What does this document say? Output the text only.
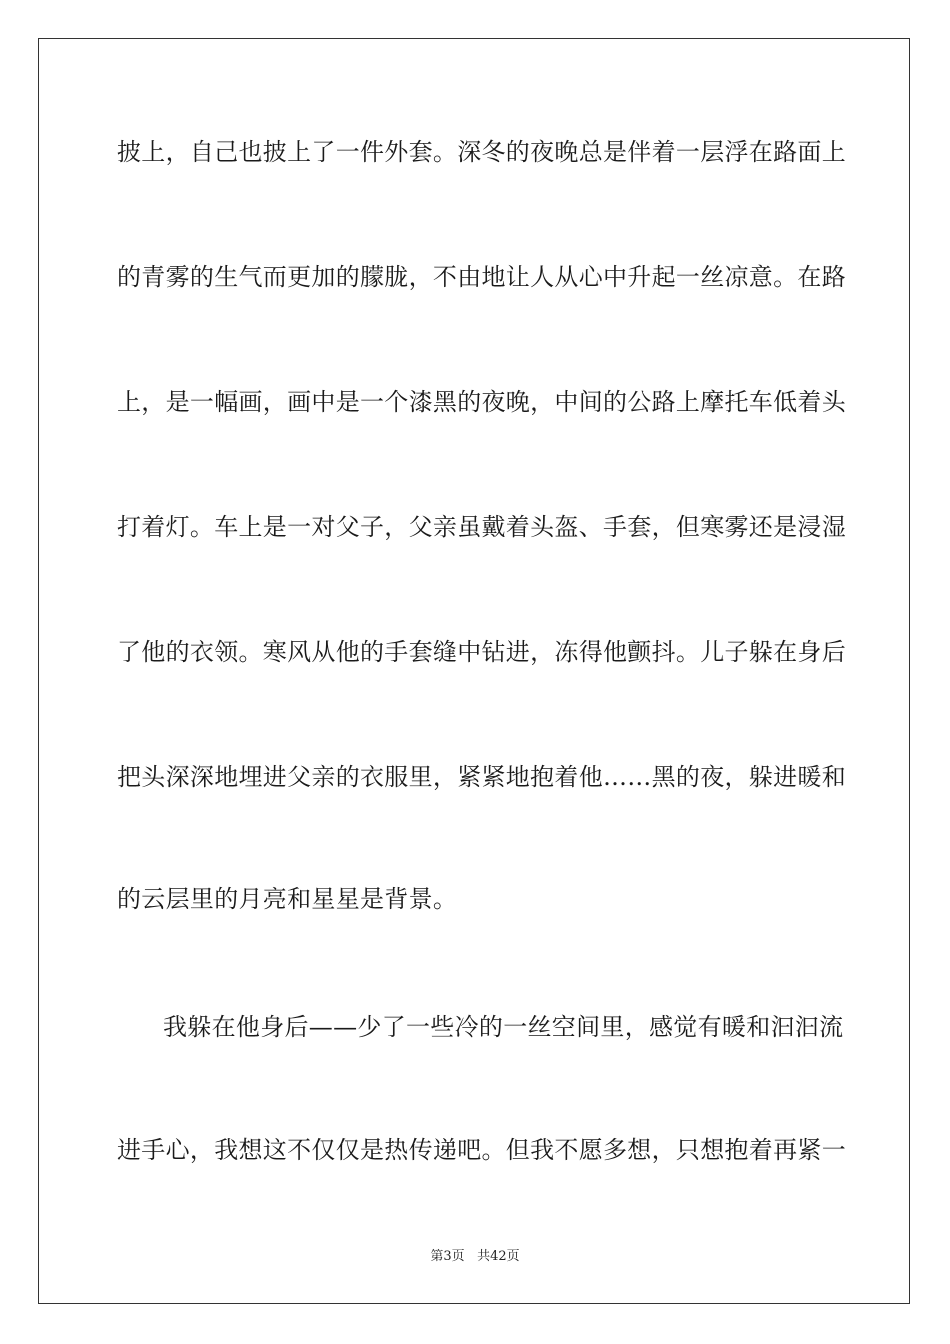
披上，自己也披上了一件外套。深冬的夜晚总是伴着一层浮在路面上
的青雾的生气而更加的朦胧，不由地让人从心中升起一丝凉意。在路
上，是一幅画，画中是一个漆黑的夜晚，中间的公路上摩托车低着头
打着灯。车上是一对父子，父亲虽戴着头盔、手套，但寒雾还是浸湿
了他的衣领。寒风从他的手套缝中钻进，冻得他颤抖。儿子躲在身后
把头深深地埋进父亲的衣服里，紧紧地抱着他……黑的夜，躲进暖和
的云层里的月亮和星星是背景。
我躲在他身后——少了一些冷的一丝空间里，感觉有暖和汩汩流
进手心，我想这不仅仅是热传递吧。但我不愿多想，只想抱着再紧一
第3页 共42页
